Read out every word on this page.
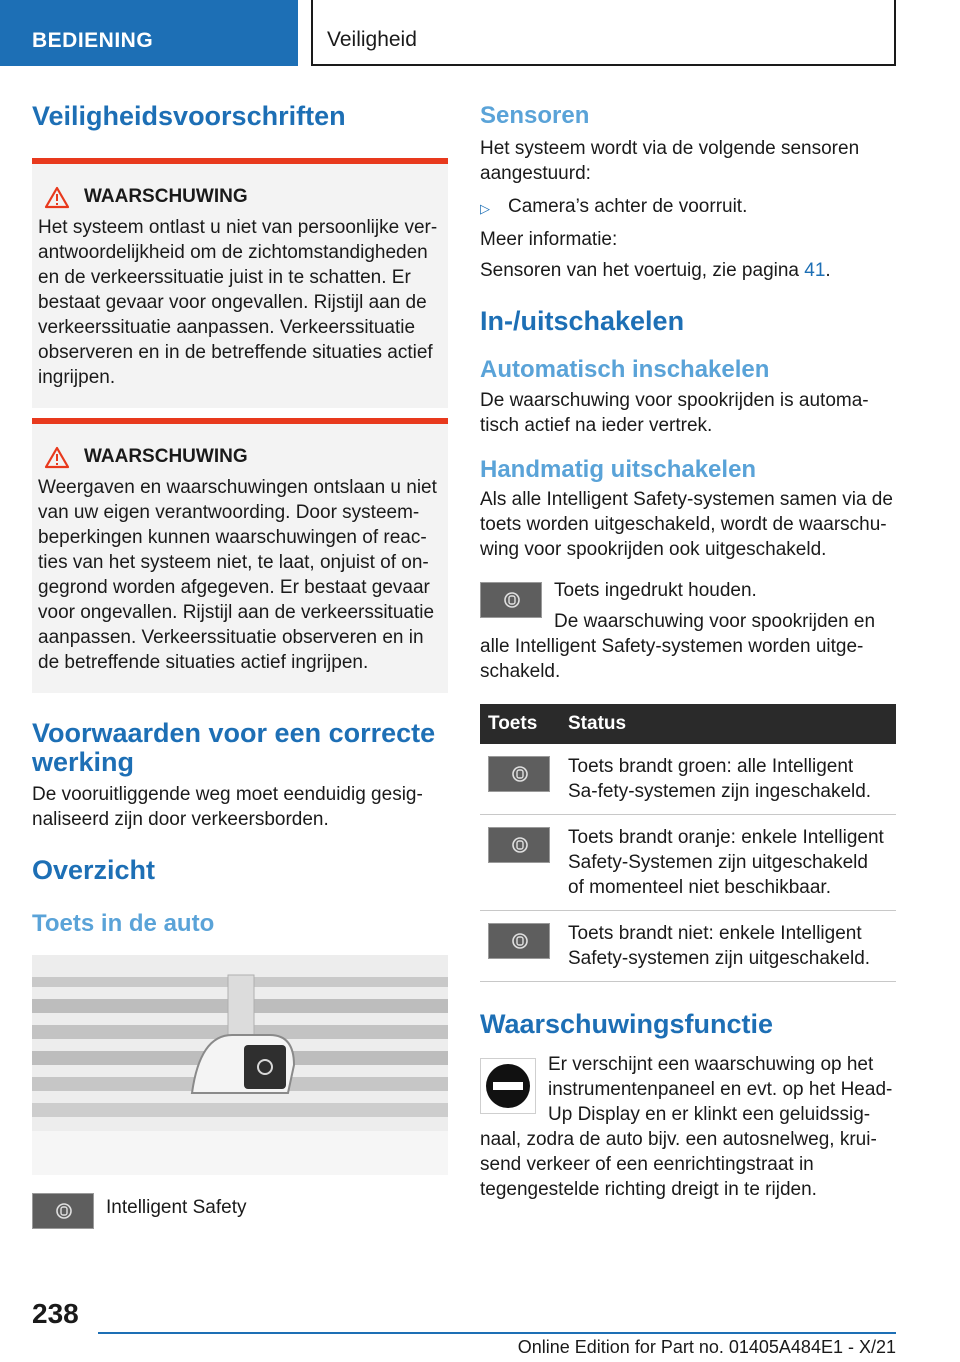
BEDIENING	Veiligheid
Veiligheidsvoorschriften
WAARSCHUWING

Het systeem ontlast u niet van persoonlijke ver-antwoordelijkheid om de zichtomstandigheden en de verkeerssituatie juist in te schatten. Er bestaat gevaar voor ongevallen. Rijstijl aan de verkeerssituatie aanpassen. Verkeerssituatie observeren en in de betreffende situaties actief ingrijpen.

WAARSCHUWING

Weergaven en waarschuwingen ontslaan u niet van uw eigen verantwoording. Door systeem-beperkingen kunnen waarschuwingen of reac-ties van het systeem niet, te laat, onjuist of on-gegrond worden afgegeven. Er bestaat gevaar voor ongevallen. Rijstijl aan de verkeerssituatie aanpassen. Verkeerssituatie observeren en in de betreffende situaties actief ingrijpen.

Voorwaarden voor een correcte werking

De vooruitliggende weg moet eenduidig gesig-naliseerd zijn door verkeersborden.

Overzicht
Toets in de auto
Intelligent Safety
Sensoren

Het systeem wordt via de volgende sensoren aangestuurd:

▷ Camera’s achter de voorruit.

Meer informatie:

Sensoren van het voertuig, zie pagina 41.

In-/uitschakelen
Automatisch inschakelen

De waarschuwing voor spookrijden is automa-tisch actief na ieder vertrek.

Handmatig uitschakelen

Als alle Intelligent Safety-systemen samen via de toets worden uitgeschakeld, wordt de waarschu-wing voor spookrijden ook uitgeschakeld.

Toets ingedrukt houden.

De waarschuwing voor spookrijden en alle Intelligent Safety-systemen worden uitge-schakeld.

Toets	Status

	Toets brandt groen: alle Intelligent Sa-fety-systemen zijn ingeschakeld.

	Toets brandt oranje: enkele Intelligent Safety-Systemen zijn uitgeschakeld of momenteel niet beschikbaar.

	Toets brandt niet: enkele Intelligent Safety-systemen zijn uitgeschakeld.
Waarschuwingsfunctie

Er verschijnt een waarschuwing op het instrumentenpaneel en evt. op het Head-Up Display en er klinkt een geluidssig-naal, zodra de auto bijv. een autosnelweg, krui-send verkeer of een eenrichtingstraat in tegengestelde richting dreigt in te rijden.

238
Online Edition for Part no. 01405A484E1 - X/21
